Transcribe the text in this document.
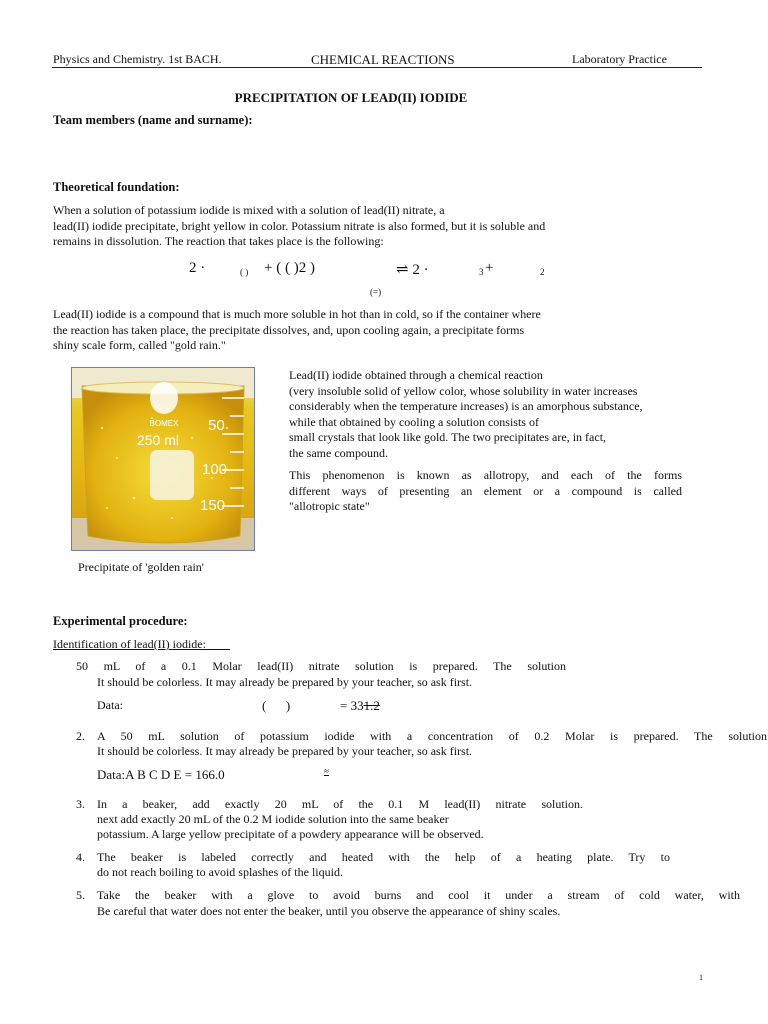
Physics and Chemistry. 1st BACH.	CHEMICAL REACTIONS	Laboratory Practice
PRECIPITATION OF LEAD(II) IODIDE
Team members (name and surname):
Theoretical foundation:
When a solution of potassium iodide is mixed with a solution of lead(II) nitrate, a
lead(II) iodide precipitate, bright yellow in color. Potassium nitrate is also formed, but it is soluble and
remains in dissolution. The reaction that takes place is the following:
2 ·	( ) + ( ( )2 )	⇌ 2 ·	3 +	2
(=)
Lead(II) iodide is a compound that is much more soluble in hot than in cold, so if the container where
the reaction has taken place, the precipitate dissolves, and, upon cooling again, a precipitate forms
shiny scale form, called "gold rain."
BOMEX
250 ml
50
100
150
Precipitate of 'golden rain'
Lead(II) iodide obtained through a chemical reaction
(very insoluble solid of yellow color, whose solubility in water increases
considerably when the temperature increases) is an amorphous substance,
while that obtained by cooling a solution consists of
small crystals that look like gold. The two precipitates are, in fact,
the same compound.
This phenomenon is known as allotropy, and each of the forms
different ways of presenting an element or a compound is called
"allotropic state"
Experimental procedure:
Identification of lead(II) iodide:
50 mL of a 0.1 Molar lead(II) nitrate solution is prepared. The solution
It should be colorless. It may already be prepared by your teacher, so ask first.
Data:	(      )	= 331.2
2. A 50 mL solution of potassium iodide with a concentration of 0.2 Molar is prepared. The solution
It should be colorless. It may already be prepared by your teacher, so ask first.
Data:A B C D E = 166.0	≈
3. In a beaker, add exactly 20 mL of the 0.1 M lead(II) nitrate solution.
next add exactly 20 mL of the 0.2 M iodide solution into the same beaker
potassium. A large yellow precipitate of a powdery appearance will be observed.
4. The beaker is labeled correctly and heated with the help of a heating plate. Try to
do not reach boiling to avoid splashes of the liquid.
5. Take the beaker with a glove to avoid burns and cool it under a stream of cold water, with
Be careful that water does not enter the beaker, until you observe the appearance of shiny scales.
1
